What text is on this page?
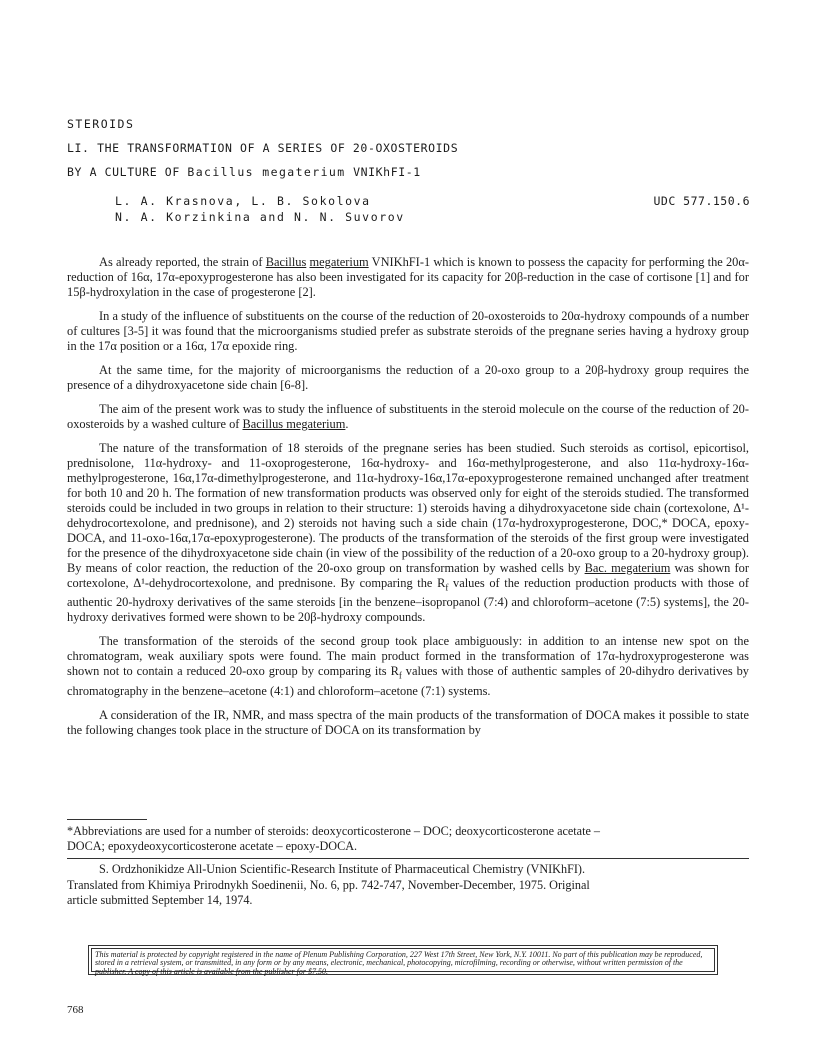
STEROIDS
LI. THE TRANSFORMATION OF A SERIES OF 20-OXOSTEROIDS
BY A CULTURE OF Bacillus megaterium VNIKhFI-1
L. A. Krasnova, L. B. Sokolova
N. A. Korzinkina and N. N. Suvorov
UDC 577.150.6

As already reported, the strain of Bacillus megaterium VNIKhFI-1 which is known to possess the capacity for performing the 20α-reduction of 16α, 17α-epoxyprogesterone has also been investigated for its capacity for 20β-reduction in the case of cortisone [1] and for 15β-hydroxylation in the case of progesterone [2].

In a study of the influence of substituents on the course of the reduction of 20-oxosteroids to 20α-hydroxy compounds of a number of cultures [3-5] it was found that the microorganisms studied prefer as substrate steroids of the pregnane series having a hydroxy group in the 17α position or a 16α, 17α epoxide ring.

At the same time, for the majority of microorganisms the reduction of a 20-oxo group to a 20β-hydroxy group requires the presence of a dihydroxyacetone side chain [6-8].

The aim of the present work was to study the influence of substituents in the steroid molecule on the course of the reduction of 20-oxosteroids by a washed culture of Bacillus megaterium.

The nature of the transformation of 18 steroids of the pregnane series has been studied. Such steroids as cortisol, epicortisol, prednisolone, 11α-hydroxy- and 11-oxoprogesterone, 16α-hydroxy- and 16α-methylprogesterone, and also 11α-hydroxy-16α-methylprogesterone, 16α,17α-dimethylprogesterone, and 11α-hydroxy-16α,17α-epoxyprogesterone remained unchanged after treatment for both 10 and 20 h. The formation of new transformation products was observed only for eight of the steroids studied. The transformed steroids could be included in two groups in relation to their structure: 1) steroids having a dihydroxyacetone side chain (cortexolone, Δ¹-dehydrocortexolone, and prednisone), and 2) steroids not having such a side chain (17α-hydroxyprogesterone, DOC,* DOCA, epoxy-DOCA, and 11-oxo-16α,17α-epoxyprogesterone). The products of the transformation of the steroids of the first group were investigated for the presence of the dihydroxyacetone side chain (in view of the possibility of the reduction of a 20-oxo group to a 20-hydroxy group). By means of color reaction, the reduction of the 20-oxo group on transformation by washed cells by Bac. megaterium was shown for cortexolone, Δ¹-dehydrocortexolone, and prednisone. By comparing the $R_f$ values of the reduction production products with those of authentic 20-hydroxy derivatives of the same steroids [in the benzene–isopropanol (7:4) and chloroform–acetone (7:5) systems], the 20-hydroxy derivatives formed were shown to be 20β-hydroxy compounds.

The transformation of the steroids of the second group took place ambiguously: in addition to an intense new spot on the chromatogram, weak auxiliary spots were found. The main product formed in the transformation of 17α-hydroxyprogesterone was shown not to contain a reduced 20-oxo group by comparing its $R_f$ values with those of authentic samples of 20-dihydro derivatives by chromatography in the benzene–acetone (4:1) and chloroform–acetone (7:1) systems.

A consideration of the IR, NMR, and mass spectra of the main products of the transformation of DOCA makes it possible to state the following changes took place in the structure of DOCA on its transformation by

*Abbreviations are used for a number of steroids: deoxycorticosterone – DOC; deoxycorticosterone acetate –
DOCA; epoxydeoxycorticosterone acetate – epoxy-DOCA.

S. Ordzhonikidze All-Union Scientific-Research Institute of Pharmaceutical Chemistry (VNIKhFI).

Translated from Khimiya Prirodnykh Soedinenii, No. 6, pp. 742-747, November-December, 1975. Original
article submitted September 14, 1974.
This material is protected by copyright registered in the name of Plenum Publishing Corporation, 227 West 17th Street, New York, N.Y. 10011. No part of this publication may be reproduced, stored in a retrieval system, or transmitted, in any form or by any means, electronic, mechanical, photocopying, microfilming, recording or otherwise, without written permission of the publisher. A copy of this article is available from the publisher for $7.50.
768
